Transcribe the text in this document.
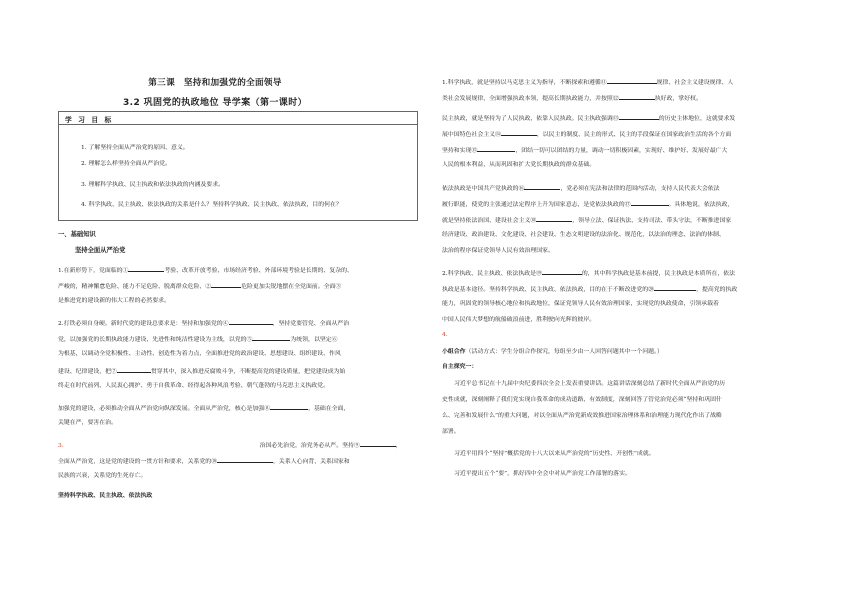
第三课　坚持和加强党的全面领导
3.2 巩固党的执政地位 导学案（第一课时）
学 习 目 标
1. 了解坚持全面从严治党的原因、意义。
2. 理解怎么样坚持全面从严治党。
3. 理解科学执政、民主执政和依法执政的内涵及要求。
4. 科学执政、民主执政、依法执政的关系是什么？坚持科学执政、民主执政、依法执政，目的何在？
一、基础知识
坚持全面从严治党
1.在新形势下，党面临的①	考验、改革开放考验、市场经济考验、外部环境考验是长期的、复杂的、
严峻的，精神懈怠危险、能力不足危险、脱离群众危险、②	危险更加尖锐地摆在全党面前。全面③
是推进党的建设新的伟大工程的必然要求。
2.打铁必须自身硬。新时代党的建设总要求是：坚持和加强党的④	，坚持党要管党、全面从严治
党，以加强党的长期执政能力建设、先进性和纯洁性建设为主线，以党的⑤	为统领，以坚定⑥
为根基，以调动全党积极性、主动性、创造性为着力点，全面推进党的政治建设、思想建设、组织建设、作风
建设、纪律建设，把⑦	贯穿其中，深入推进反腐败斗争，不断提高党的建设质量，把党建设成为始
终走在时代前列、人民衷心拥护、勇于自我革命、经得起各种风浪考验、朝气蓬勃的马克思主义执政党。
加强党的建设，必须推动全面从严治党向纵深发展。全面从严治党，核心是加强⑧	，基础在全面，
关键在严，要害在治。
3.	治国必先治党，治党务必从严。坚持⑨	，
全面从严治党，这是党的建设的一贯方针和要求，关系党的⑩	，关系人心向背，关系国家和
民族的兴衰，关系党的生死存亡。
坚持科学执政、民主执政、依法执政
1.科学执政，就是坚持以马克思主义为指导，不断探索和遵循⑪	规律、社会主义建设规律、人
类社会发展规律，全面增强执政本领，提高长期执政能力，并按照⑫	执好政，掌好权。
民主执政，就是坚持为了人民执政、依靠人民执政。民主执政强调⑬	的历史主体地位，这就要求发
展中国特色社会主义⑭	，以民主的制度、民主的形式、民主的手段保证在国家政治生活的各个方面
坚持和实现⑮	，团结一切可以团结的力量，调动一切积极因素，实现好、维护好、发展好最广大
人民的根本利益，从而巩固和扩大党长期执政的群众基础。
依法执政是中国共产党执政的⑯	，党必须在宪法和法律的范围内活动，支持人民代表大会依法
履行职能，使党的主张通过法定程序上升为国家意志，是党依法执政的⑰	。具体地说，依法执政，
就是坚持依法治国、建设社会主义⑱	，领导立法、保证执法、支持司法、带头守法，不断推进国家
经济建设、政治建设、文化建设、社会建设、生态文明建设的法治化、规范化，以法治的理念、法治的体制、
法治的程序保证党领导人民有效治理国家。
2.科学执政、民主执政、依法执政是⑲	的，其中科学执政是基本前提，民主执政是本质所在，依法
执政是基本途径。坚持科学执政、民主执政、依法执政，目的在于不断改进党的⑳	，提高党的执政
能力，巩固党的领导核心地位和执政地位，保证党领导人民有效治理国家，实现党的执政使命，引领承载着
中国人民伟大梦想的航船破浪前进，胜利驶向光辉的彼岸。
4.
小组合作（活动方式：学生分组合作探究，每组至少由一人回答问题其中一个问题。）
自主探究一：
习近平总书记在十九届中央纪委四次全会上发表重要讲话。这篇讲话深刻总结了新时代全面从严治党的历
史性成就，深刻阐释了我们党实现自我革命的成功道路、有效制度，深刻回答了管党治党必须“坚持和巩固什
么、完善和发展什么”的重大问题，对以全面从严治党新成效推进国家治理体系和治理能力现代化作出了战略
部署。
习近平用四个“坚持”概括党的十八大以来从严治党的“历史性、开创性”成就。
习近平提出五个“要”，抓好四中全会中对从严治党工作部署的落实。
